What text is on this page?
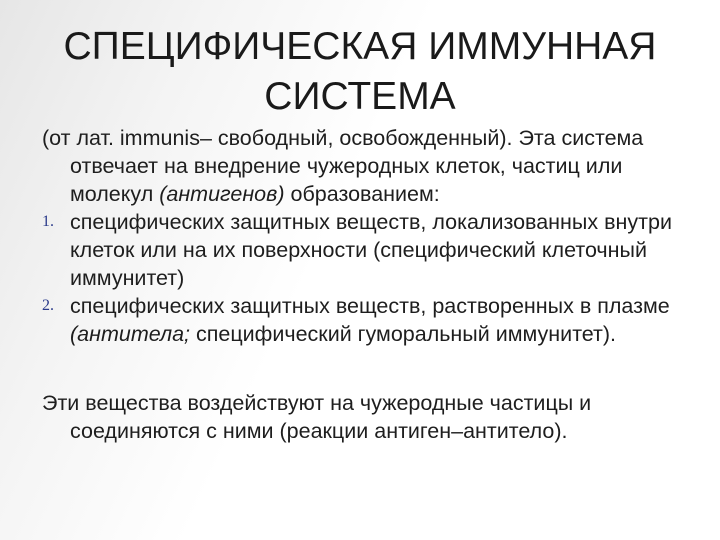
СПЕЦИФИЧЕСКАЯ ИММУННАЯ
СИСТЕМА

(от лат. immunis– свободный, освобожденный). Эта система отвечает на внедрение чужеродных клеток, частиц или молекул (антигенов) образованием:

1. специфических защитных веществ, локализованных внутри клеток или на их поверхности (специфический клеточный иммунитет)
2. специфических защитных веществ, растворенных в плазме (антитела; специфический гуморальный иммунитет).

Эти вещества воздействуют на чужеродные частицы и соединяются с ними (реакции антиген–антитело).
